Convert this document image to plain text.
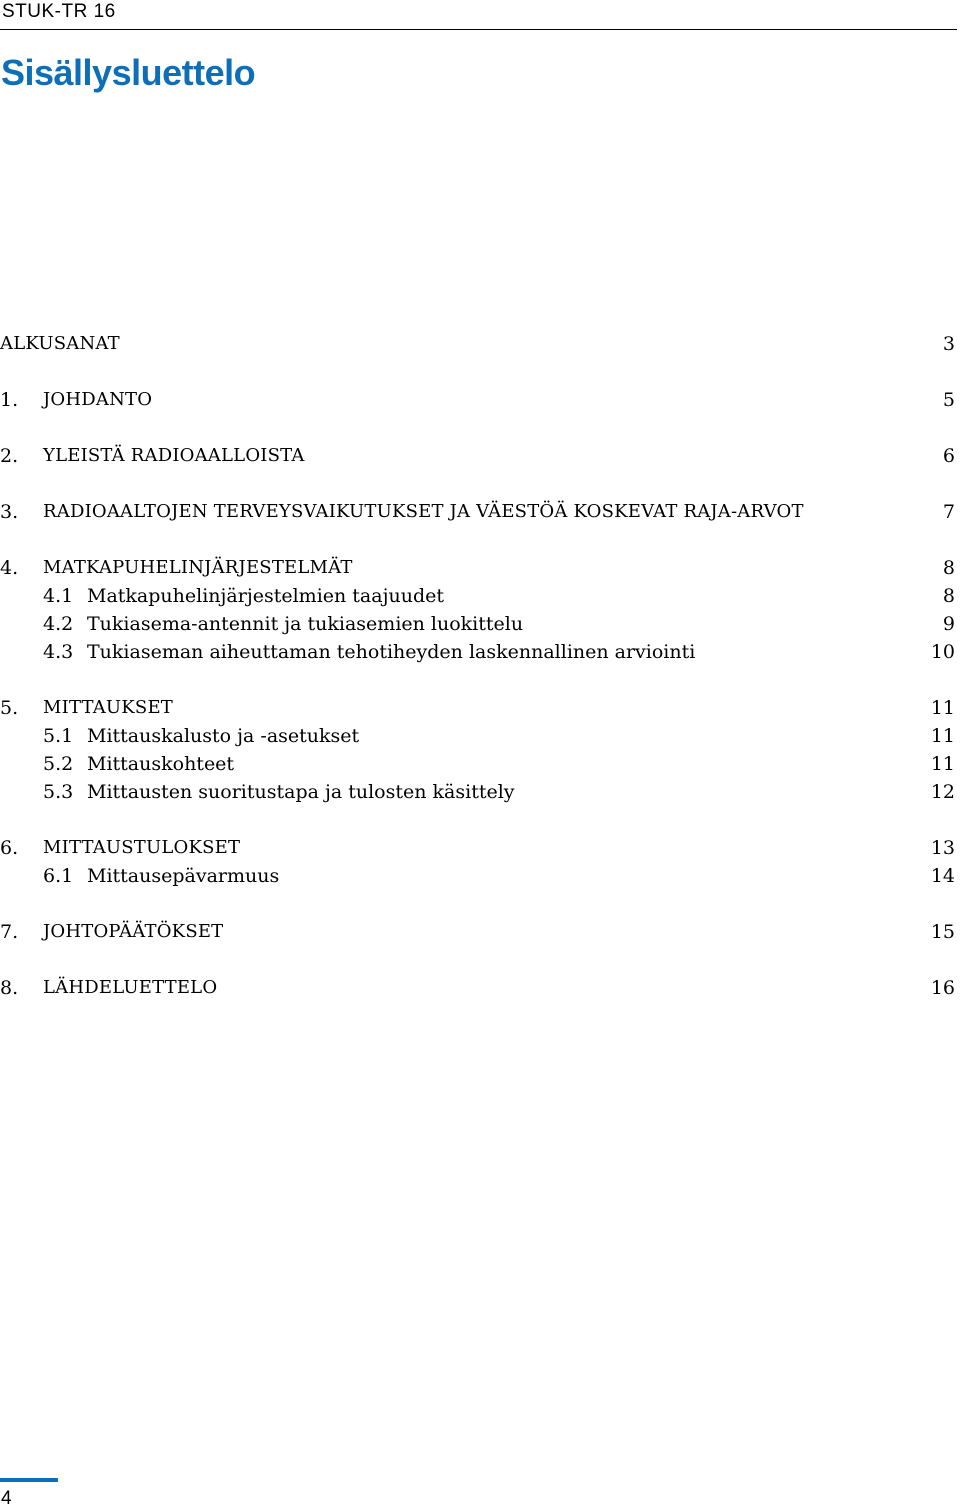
STUK-TR 16
Sisällysluettelo
ALKUSANAT	3
1. JOHDANTO	5
2. YLEISTÄ RADIOAALLOISTA	6
3. RADIOAALTOJEN TERVEYSVAIKUTUKSET JA VÄESTÖÄ KOSKEVAT RAJA-ARVOT	7
4. MATKAPUHELINJÄRJESTELMÄT	8
4.1 Matkapuhelinjärjestelmien taajuudet	8
4.2 Tukiasema-antennit ja tukiasemien luokittelu	9
4.3 Tukiaseman aiheuttaman tehotiheyden laskennallinen arviointi	10
5. MITTAUKSET	11
5.1 Mittauskalusto ja -asetukset	11
5.2 Mittauskohteet	11
5.3 Mittausten suoritustapa ja tulosten käsittely	12
6. MITTAUSTULOKSET	13
6.1 Mittausepävarmuus	14
7. JOHTOPÄÄTÖKSET	15
8. LÄHDELUETTELO	16
4
